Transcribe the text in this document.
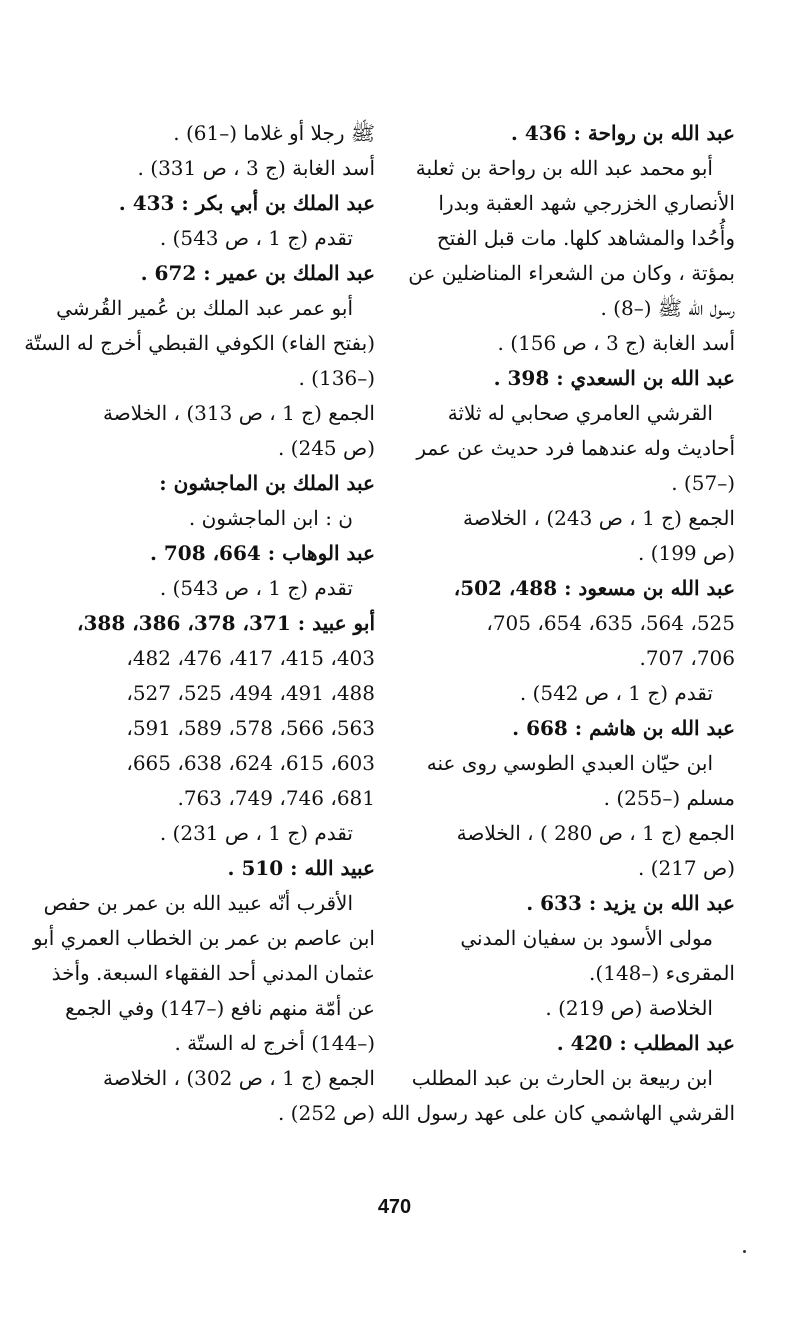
عبد الله بن رواحة : 436 .
أبو محمد عبد الله بن رواحة بن ثعلبة
الأنصاري الخزرجي شهد العقبة وبدرا
وأُحُدا والمشاهد كلها. مات قبل الفتح
بمؤتة ، وكان من الشعراء المناضلين عن
رسول الله ﷺ (–8) .
أسد الغابة (ج 3 ، ص 156) .
عبد الله بن السعدي : 398 .
القرشي العامري صحابي له ثلاثة
أحاديث وله عندهما فرد حديث عن عمر
(–57) .
الجمع (ج 1 ، ص 243) ، الخلاصة
(ص 199) .
عبد الله بن مسعود : 488، 502،
525، 564، 635، 654، 705،
706، 707.
تقدم (ج 1 ، ص 542) .
عبد الله بن هاشم : 668 .
ابن حيّان العبدي الطوسي روى عنه
مسلم (–255) .
الجمع (ج 1 ، ص 280 ) ، الخلاصة
(ص 217) .
عبد الله بن يزيد : 633 .
مولى الأسود بن سفيان المدني
المقرىء (–148).
الخلاصة (ص 219) .
عبد المطلب : 420 .
ابن ربيعة بن الحارث بن عبد المطلب
القرشي الهاشمي كان على عهد رسول الله
ﷺ رجلا أو غلاما (–61) .
أسد الغابة (ج 3 ، ص 331) .
عبد الملك بن أبي بكر : 433 .
تقدم (ج 1 ، ص 543) .
عبد الملك بن عمير : 672 .
أبو عمر عبد الملك بن عُمير القُرشي
(بفتح الفاء) الكوفي القبطي أخرج له الستّة
(–136) .
الجمع (ج 1 ، ص 313) ، الخلاصة
(ص 245) .
عبد الملك بن الماجشون :
ن : ابن الماجشون .
عبد الوهاب : 664، 708 .
تقدم (ج 1 ، ص 543) .
أبو عبيد : 371، 378، 386، 388،
403، 415، 417، 476، 482،
488، 491، 494، 525، 527،
563، 566، 578، 589، 591،
603، 615، 624، 638، 665،
681، 746، 749، 763.
تقدم (ج 1 ، ص 231) .
عبيد الله : 510 .
الأقرب أنّه عبيد الله بن عمر بن حفص
ابن عاصم بن عمر بن الخطاب العمري أبو
عثمان المدني أحد الفقهاء السبعة. وأخذ
عن أمّة منهم نافع (–147) وفي الجمع
(–144) أخرج له الستّة .
الجمع (ج 1 ، ص 302) ، الخلاصة
(ص 252) .
470
